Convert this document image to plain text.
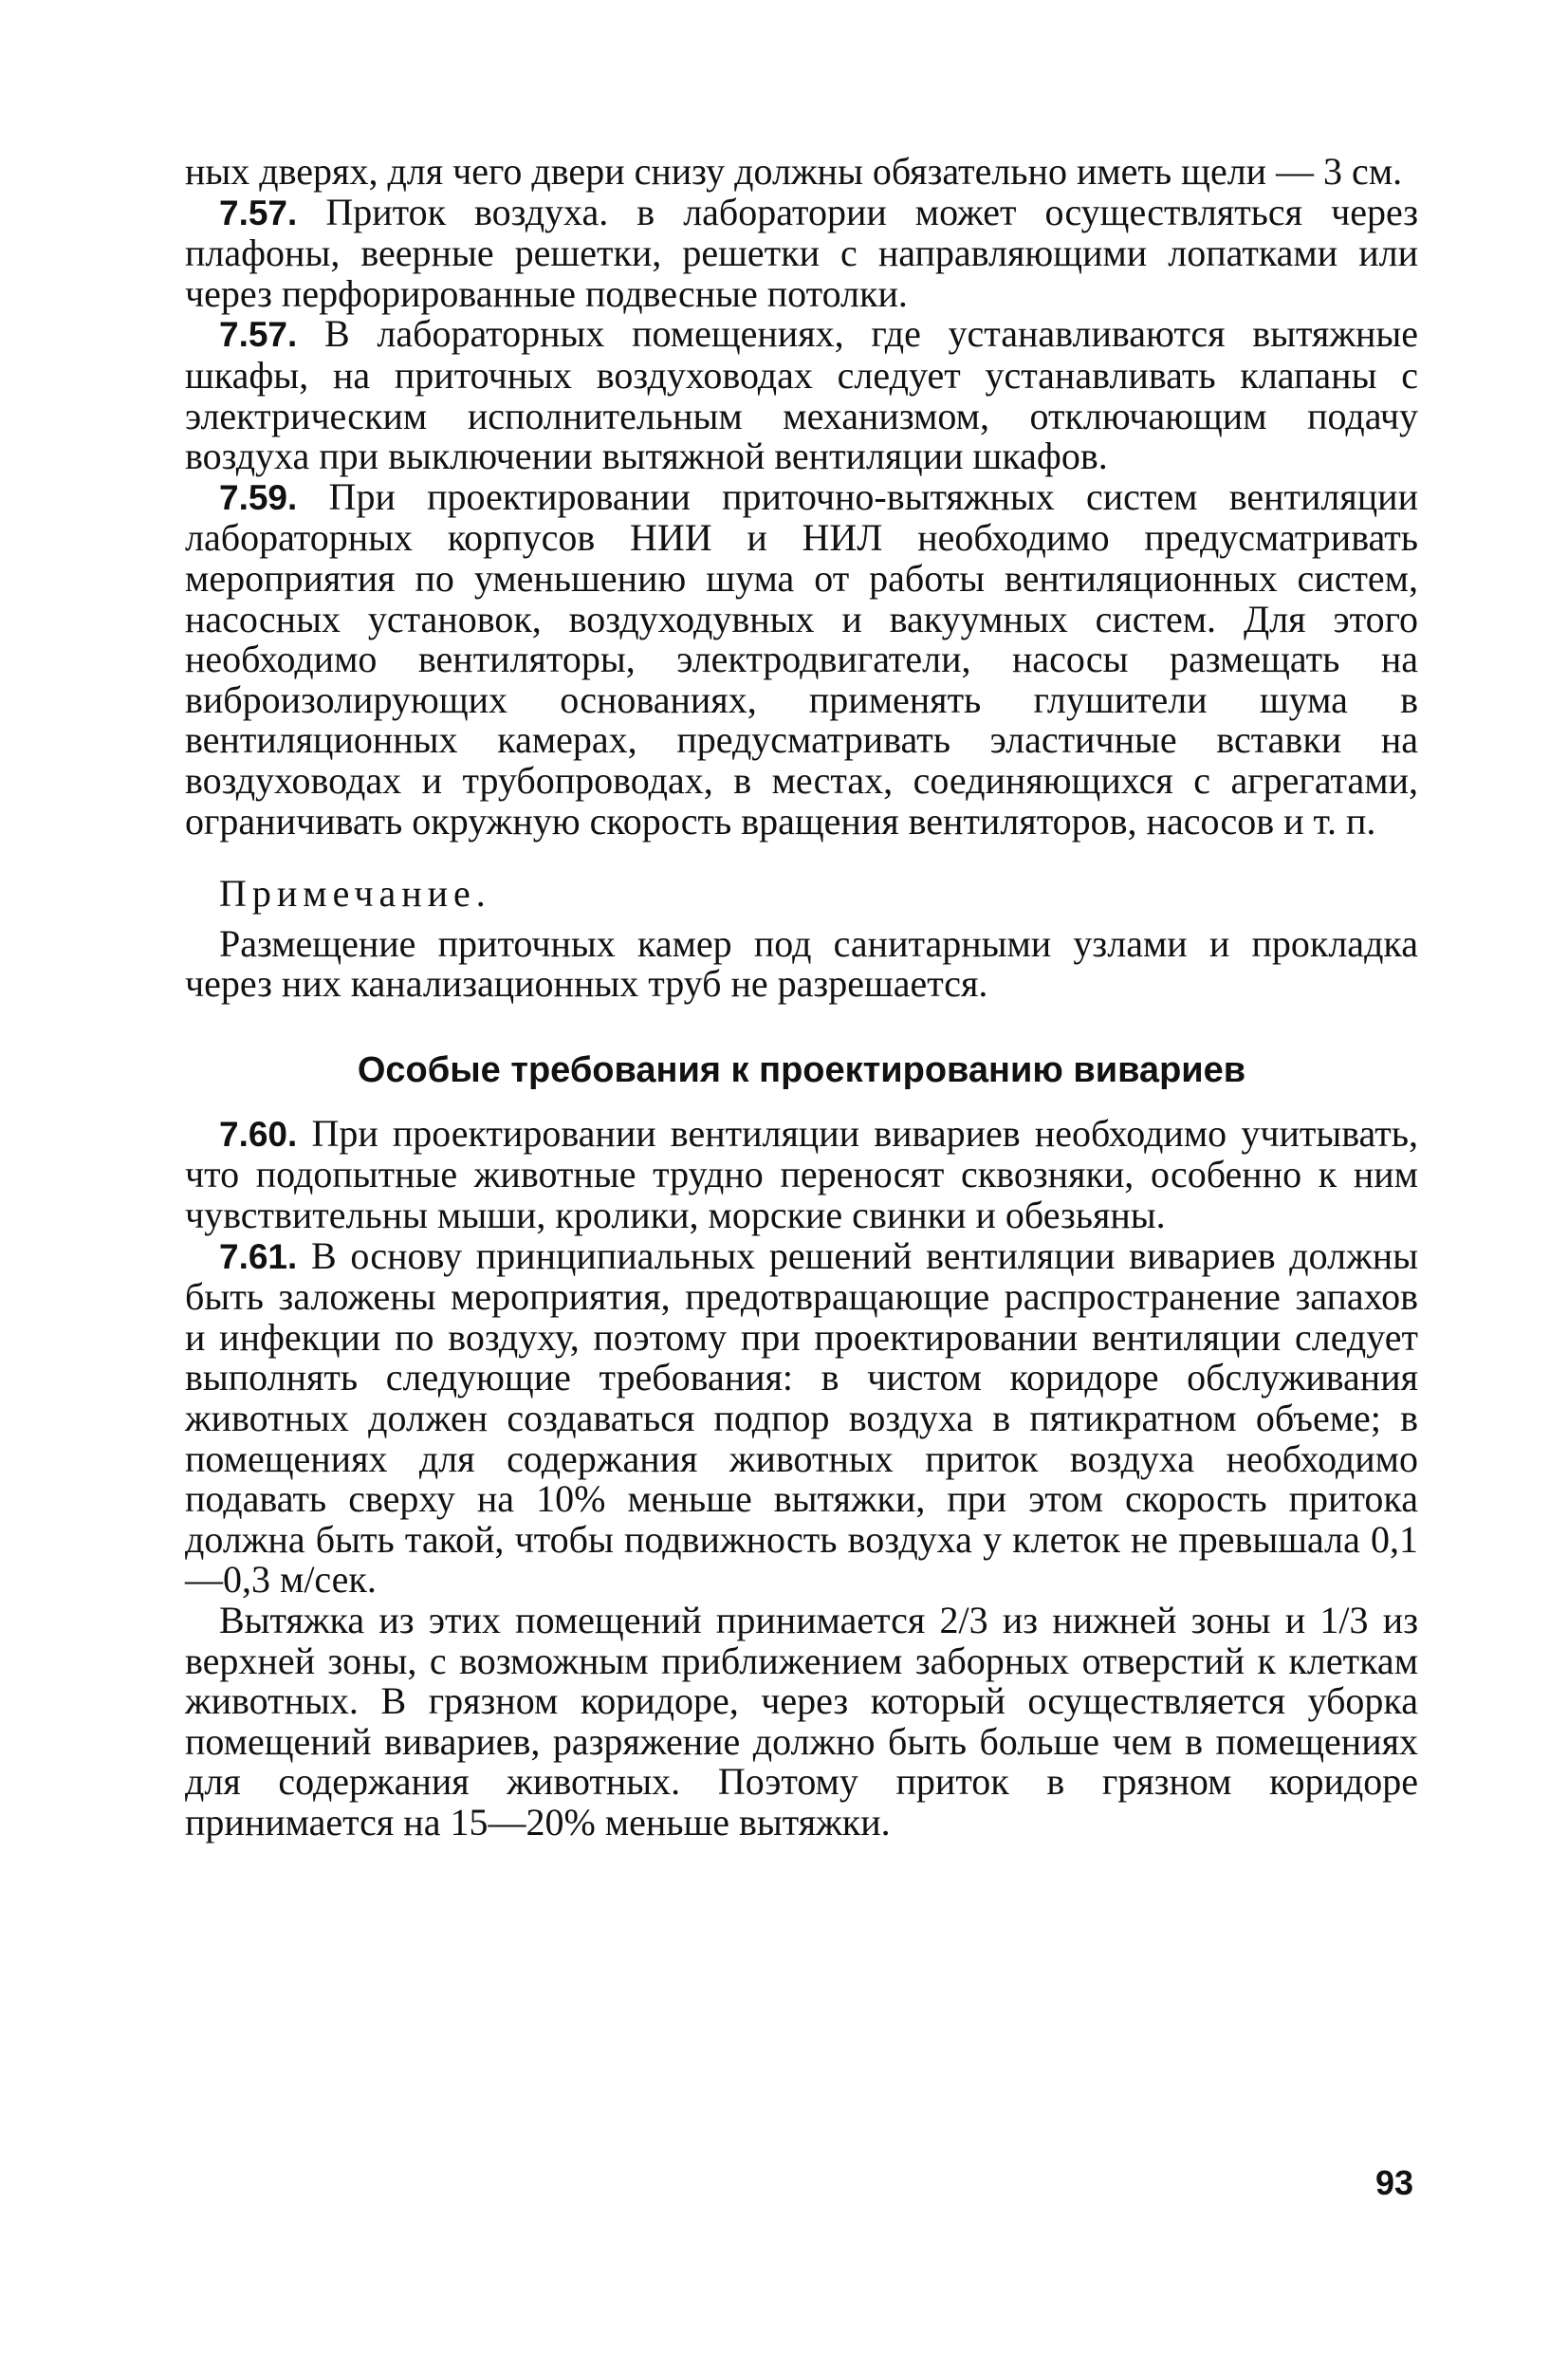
ных дверях, для чего двери снизу должны обязательно иметь щели — 3 см.

7.57. Приток воздуха. в лаборатории может осуществляться через плафоны, веерные решетки, решетки с направляющими лопатками или через перфорированные подвесные потолки.

7.57. В лабораторных помещениях, где устанавливаются вытяжные шкафы, на приточных воздуховодах следует устанавливать клапаны с электрическим исполнительным механизмом, отключающим подачу воздуха при выключении вытяжной вентиляции шкафов.

7.59. При проектировании приточно-вытяжных систем вентиляции лабораторных корпусов НИИ и НИЛ необходимо предусматривать мероприятия по уменьшению шума от работы вентиляционных систем, насосных установок, воздуходувных и вакуумных систем. Для этого необходимо вентиляторы, электродвигатели, насосы размещать на виброизолирующих основаниях, применять глушители шума в вентиляционных камерах, предусматривать эластичные вставки на воздуховодах и трубопроводах, в местах, соединяющихся с агрегатами, ограничивать окружную скорость вращения вентиляторов, насосов и т. п.

Примечание.

Размещение приточных камер под санитарными узлами и прокладка через них канализационных труб не разрешается.

Особые требования к проектированию вивариев

7.60. При проектировании вентиляции вивариев необходимо учитывать, что подопытные животные трудно переносят сквозняки, особенно к ним чувствительны мыши, кролики, морские свинки и обезьяны.

7.61. В основу принципиальных решений вентиляции вивариев должны быть заложены мероприятия, предотвращающие распространение запахов и инфекции по воздуху, поэтому при проектировании вентиляции следует выполнять следующие требования: в чистом коридоре обслуживания животных должен создаваться подпор воздуха в пятикратном объеме; в помещениях для содержания животных приток воздуха необходимо подавать сверху на 10% меньше вытяжки, при этом скорость притока должна быть такой, чтобы подвижность воздуха у клеток не превышала 0,1—0,3 м/сек.

Вытяжка из этих помещений принимается 2/3 из нижней зоны и 1/3 из верхней зоны, с возможным приближением заборных отверстий к клеткам животных. В грязном коридоре, через который осуществляется уборка помещений вивариев, разряжение должно быть больше чем в помещениях для содержания животных. Поэтому приток в грязном коридоре принимается на 15—20% меньше вытяжки.

93
